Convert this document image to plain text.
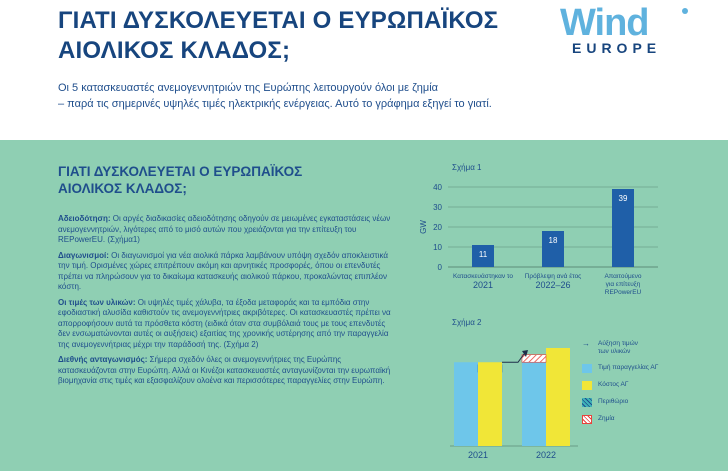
ΓΙΑΤΙ ΔΥΣΚΟΛΕΥΕΤΑΙ Ο ΕΥΡΩΠΑΪΚΟΣ
ΑΙΟΛΙΚΟΣ ΚΛΑΔΟΣ;
Wind
EUROPE
Οι 5 κατασκευαστές ανεμογεννητριών της Ευρώπης λειτουργούν όλοι με ζημία
– παρά τις σημερινές υψηλές τιμές ηλεκτρικής ενέργειας. Αυτό το γράφημα εξηγεί το γιατί.
ΓΙΑΤΙ ΔΥΣΚΟΛΕΥΕΤΑΙ Ο ΕΥΡΩΠΑΪΚΟΣ
ΑΙΟΛΙΚΟΣ ΚΛΑΔΟΣ;

Αδειοδότηση: Οι αργές διαδικασίες αδειοδότησης οδηγούν σε μειωμένες εγκαταστάσεις νέων ανεμογεννητριών, λιγότερες από το μισό αυτών που χρειάζονται για την επίτευξη του REPowerEU. (Σχήμα1)

Διαγωνισμοί: Οι διαγωνισμοί για νέα αιολικά πάρκα λαμβάνουν υπόψη σχεδόν αποκλειστικά την τιμή. Ορισμένες χώρες επιτρέπουν ακόμη και αρνητικές προσφορές, όπου οι επενδυτές πρέπει να πληρώσουν για το δικαίωμα κατασκευής αιολικού πάρκου, προκαλώντας επιπλέον κόστη.

Οι τιμές των υλικών: Οι υψηλές τιμές χάλυβα, τα έξοδα μεταφοράς και τα εμπόδια στην εφοδιαστική αλυσίδα καθιστούν τις ανεμογεννήτριες ακριβότερες. Οι κατασκευαστές πρέπει να απορροφήσουν αυτά τα πρόσθετα κόστη (ειδικά όταν στα συμβόλαιά τους με τους επενδυτές δεν ενσωματώνονται αυτές οι αυξήσεις) εξαιτίας της χρονικής υστέρησης από την παραγγελία της ανεμογεννήτριας μέχρι την παράδοσή της. (Σχήμα 2)

Διεθνής ανταγωνισμός: Σήμερα σχεδόν όλες οι ανεμογεννήτριες της Ευρώπης κατασκευάζονται στην Ευρώπη. Αλλά οι Κινέζοι κατασκευαστές ανταγωνίζονται την ευρωπαϊκή βιομηχανία στις τιμές και εξασφαλίζουν ολοένα και περισσότερες παραγγελίες στην Ευρώπη.

Σχήμα 1
0
10
20
30
40
GW
11
Κατασκευάστηκαν το
2021
18
Πρόβλεψη ανά έτος
2022–26
39
Απαιτούμενο
για επίτευξη
REPowerEU
Σχήμα 2
2021	2022
→ Αύξηση τιμών
των υλικών
Τιμή παραγγελίας ΑΓ
Κόστος ΑΓ
Περιθώριο
Ζημία
